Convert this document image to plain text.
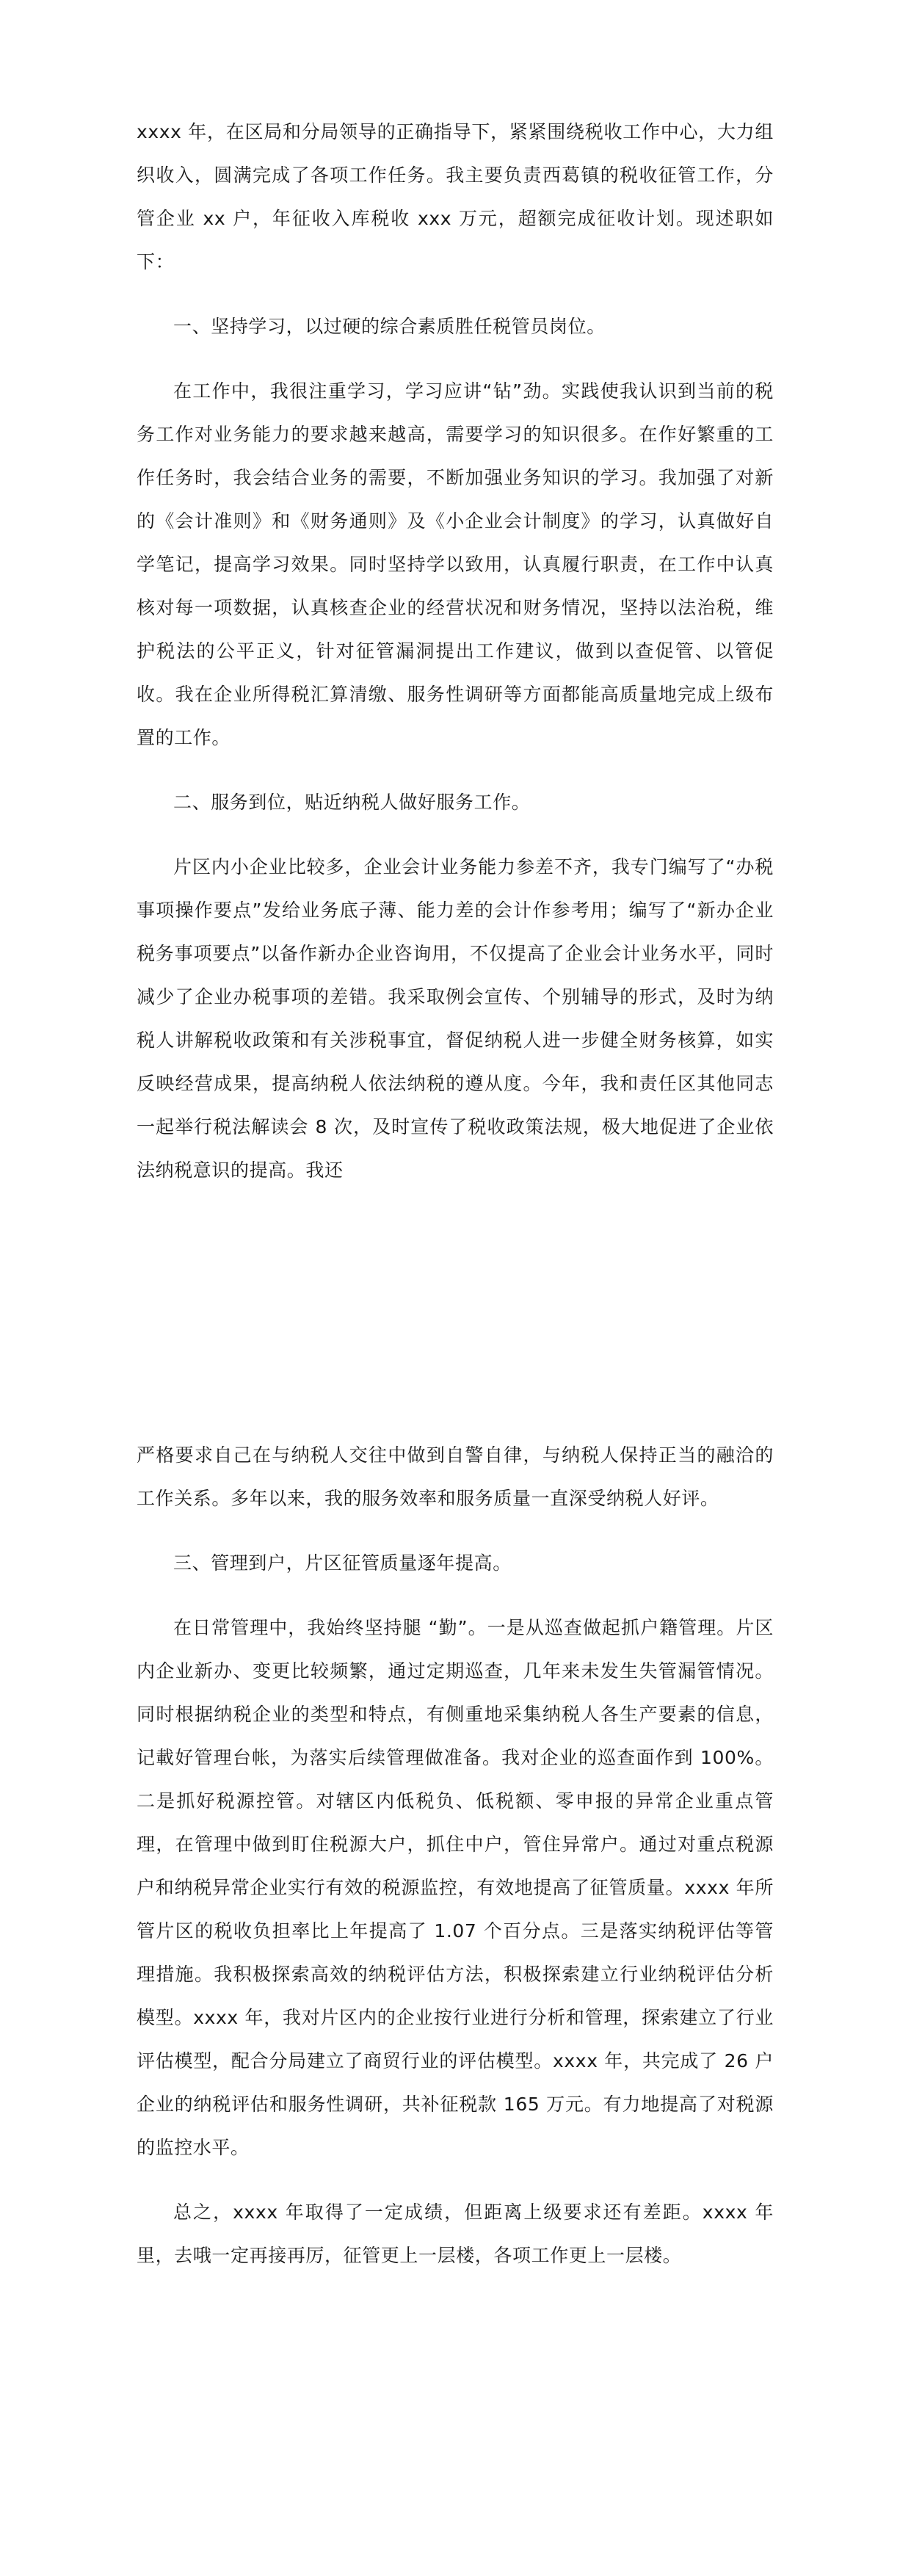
xxxx 年，在区局和分局领导的正确指导下，紧紧围绕税收工作中心，大力组织收入，圆满完成了各项工作任务。我主要负责西葛镇的税收征管工作，分管企业 xx 户，年征收入库税收 xxx 万元，超额完成征收计划。现述职如下：

一、坚持学习，以过硬的综合素质胜任税管员岗位。

在工作中，我很注重学习，学习应讲“钻”劲。实践使我认识到当前的税务工作对业务能力的要求越来越高，需要学习的知识很多。在作好繁重的工作任务时，我会结合业务的需要，不断加强业务知识的学习。我加强了对新的《会计准则》和《财务通则》及《小企业会计制度》的学习，认真做好自学笔记，提高学习效果。同时坚持学以致用，认真履行职责，在工作中认真核对每一项数据，认真核查企业的经营状况和财务情况，坚持以法治税，维护税法的公平正义，针对征管漏洞提出工作建议，做到以查促管、以管促收。我在企业所得税汇算清缴、服务性调研等方面都能高质量地完成上级布置的工作。

二、服务到位，贴近纳税人做好服务工作。

片区内小企业比较多，企业会计业务能力参差不齐，我专门编写了“办税事项操作要点”发给业务底子薄、能力差的会计作参考用；编写了“新办企业税务事项要点”以备作新办企业咨询用，不仅提高了企业会计业务水平，同时减少了企业办税事项的差错。我采取例会宣传、个别辅导的形式，及时为纳税人讲解税收政策和有关涉税事宜，督促纳税人进一步健全财务核算，如实反映经营成果，提高纳税人依法纳税的遵从度。今年，我和责任区其他同志一起举行税法解读会 8 次，及时宣传了税收政策法规，极大地促进了企业依法纳税意识的提高。我还

严格要求自己在与纳税人交往中做到自警自律，与纳税人保持正当的融洽的工作关系。多年以来，我的服务效率和服务质量一直深受纳税人好评。

三、管理到户，片区征管质量逐年提高。

在日常管理中，我始终坚持腿 “勤”。一是从巡查做起抓户籍管理。片区内企业新办、变更比较频繁，通过定期巡查，几年来未发生失管漏管情况。同时根据纳税企业的类型和特点，有侧重地采集纳税人各生产要素的信息，记載好管理台帐，为落实后续管理做准备。我对企业的巡查面作到 100%。二是抓好税源控管。对辖区内低税负、低税额、零申报的异常企业重点管理，在管理中做到盯住税源大户，抓住中户，管住异常户。通过对重点税源户和纳税异常企业实行有效的税源监控，有效地提高了征管质量。xxxx 年所管片区的税收负担率比上年提高了 1.07 个百分点。三是落实纳税评估等管理措施。我积极探索高效的纳税评估方法，积极探索建立行业纳税评估分析模型。xxxx 年，我对片区内的企业按行业进行分析和管理，探索建立了行业评估模型，配合分局建立了商贸行业的评估模型。xxxx 年，共完成了 26 户企业的纳税评估和服务性调研，共补征税款 165 万元。有力地提高了对税源的监控水平。

总之，xxxx 年取得了一定成绩，但距离上级要求还有差距。xxxx 年里，去哦一定再接再厉，征管更上一层楼，各项工作更上一层楼。
